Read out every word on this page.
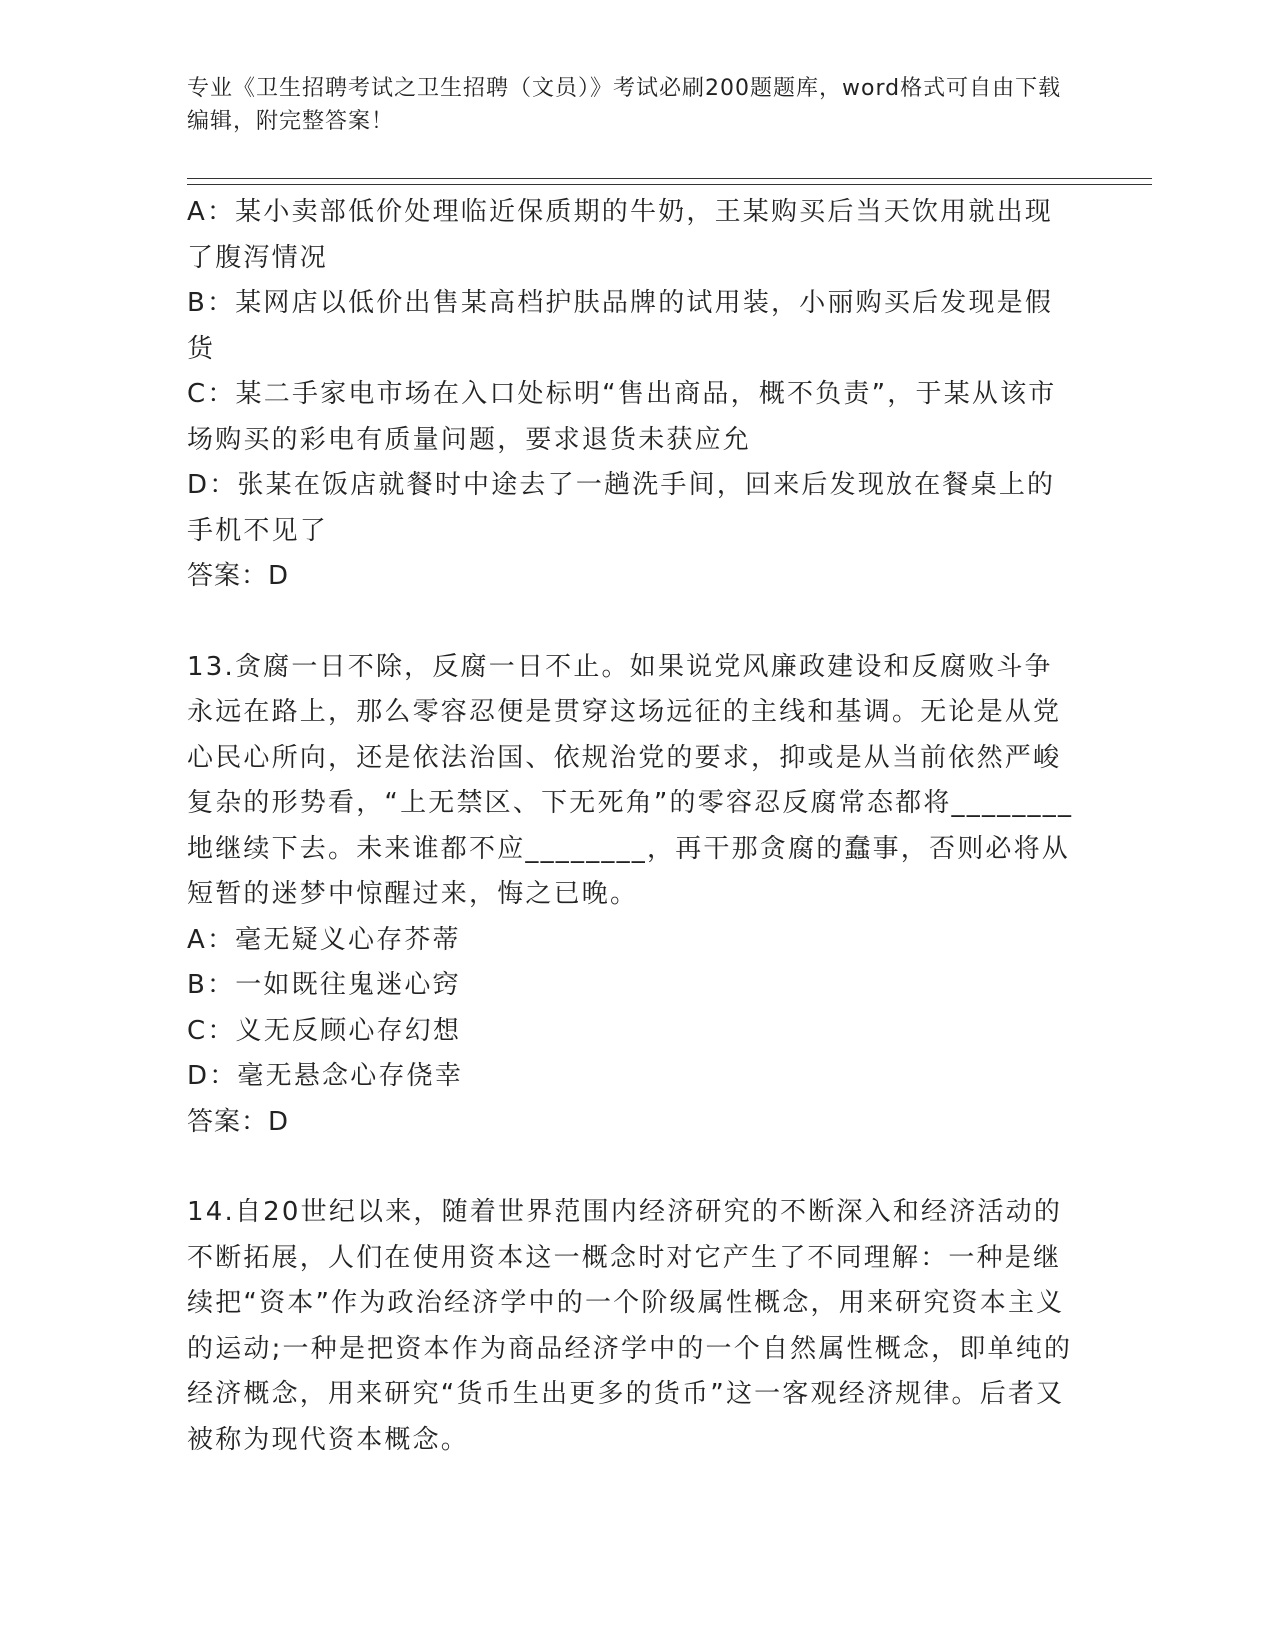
专业《卫生招聘考试之卫生招聘（文员）》考试必刷200题题库，word格式可自由下载编辑，附完整答案！

A：某小卖部低价处理临近保质期的牛奶，王某购买后当天饮用就出现了腹泻情况

B：某网店以低价出售某高档护肤品牌的试用装，小丽购买后发现是假货

C：某二手家电市场在入口处标明“售出商品，概不负责”，于某从该市场购买的彩电有质量问题，要求退货未获应允

D：张某在饭店就餐时中途去了一趟洗手间，回来后发现放在餐桌上的手机不见了

答案：D

13.贪腐一日不除，反腐一日不止。如果说党风廉政建设和反腐败斗争永远在路上，那么零容忍便是贯穿这场远征的主线和基调。无论是从党心民心所向，还是依法治国、依规治党的要求，抑或是从当前依然严峻复杂的形势看，“上无禁区、下无死角”的零容忍反腐常态都将________地继续下去。未来谁都不应________，再干那贪腐的蠢事，否则必将从短暂的迷梦中惊醒过来，悔之已晚。

A：毫无疑义心存芥蒂

B：一如既往鬼迷心窍

C：义无反顾心存幻想

D：毫无悬念心存侥幸

答案：D

14.自20世纪以来，随着世界范围内经济研究的不断深入和经济活动的不断拓展，人们在使用资本这一概念时对它产生了不同理解：一种是继续把“资本”作为政治经济学中的一个阶级属性概念，用来研究资本主义的运动;一种是把资本作为商品经济学中的一个自然属性概念，即单纯的经济概念，用来研究“货币生出更多的货币”这一客观经济规律。后者又被称为现代资本概念。
